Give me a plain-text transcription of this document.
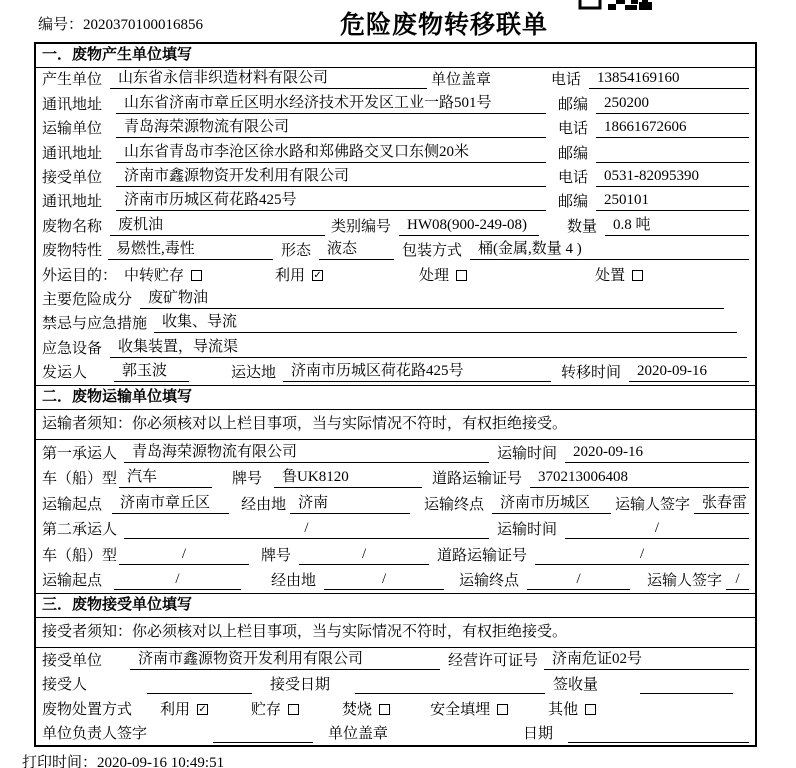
编号：2020370100016856	危险废物转移联单
一．废物产生单位填写
产生单位	山东省永信非织造材料有限公司	单位盖章	电话	13854169160
通讯地址	山东省济南市章丘区明水经济技术开发区工业一路501号	邮编	250200
运输单位	青岛海荣源物流有限公司	电话	18661672606
通讯地址	山东省青岛市李沧区徐水路和郑佛路交叉口东侧20米	邮编
接受单位	济南市鑫源物资开发利用有限公司	电话	0531-82095390
通讯地址	济南市历城区荷花路425号	邮编	250101
废物名称	废机油	类别编号	HW08(900-249-08)	数量	0.8 吨
废物特性 易燃性,毒性	形态	液态	包装方式	桶(金属,数量 4 )
外运目的： 中转贮存	利用 ✓	处理	处置
主要危险成分	废矿物油
禁忌与应急措施	收集、导流
应急设备	收集装置，导流渠
发运人	郭玉波	运达地	济南市历城区荷花路425号	转移时间	2020-09-16
二．废物运输单位填写
运输者须知：你必须核对以上栏目事项，当与实际情况不符时，有权拒绝接受。
第一承运人	青岛海荣源物流有限公司	运输时间	2020-09-16
车（船）型 汽车	牌号	鲁UK8120	道路运输证号	370213006408
运输起点	济南市章丘区	经由地 济南	运输终点	济南市历城区	运输人签字 张春雷
第二承运人	/	运输时间	/
车（船）型	/	牌号	/	道路运输证号	/
运输起点	/	经由地	/	运输终点	/	运输人签字 /
三．废物接受单位填写
接受者须知：你必须核对以上栏目事项，当与实际情况不符时，有权拒绝接受。
接受单位	济南市鑫源物资开发利用有限公司	经营许可证号 济南危证02号
接受人	接受日期	签收量
废物处置方式 利用 ✓	贮存	焚烧	安全填埋	其他
单位负责人签字	单位盖章	日期
打印时间：2020-09-16 10:49:51
